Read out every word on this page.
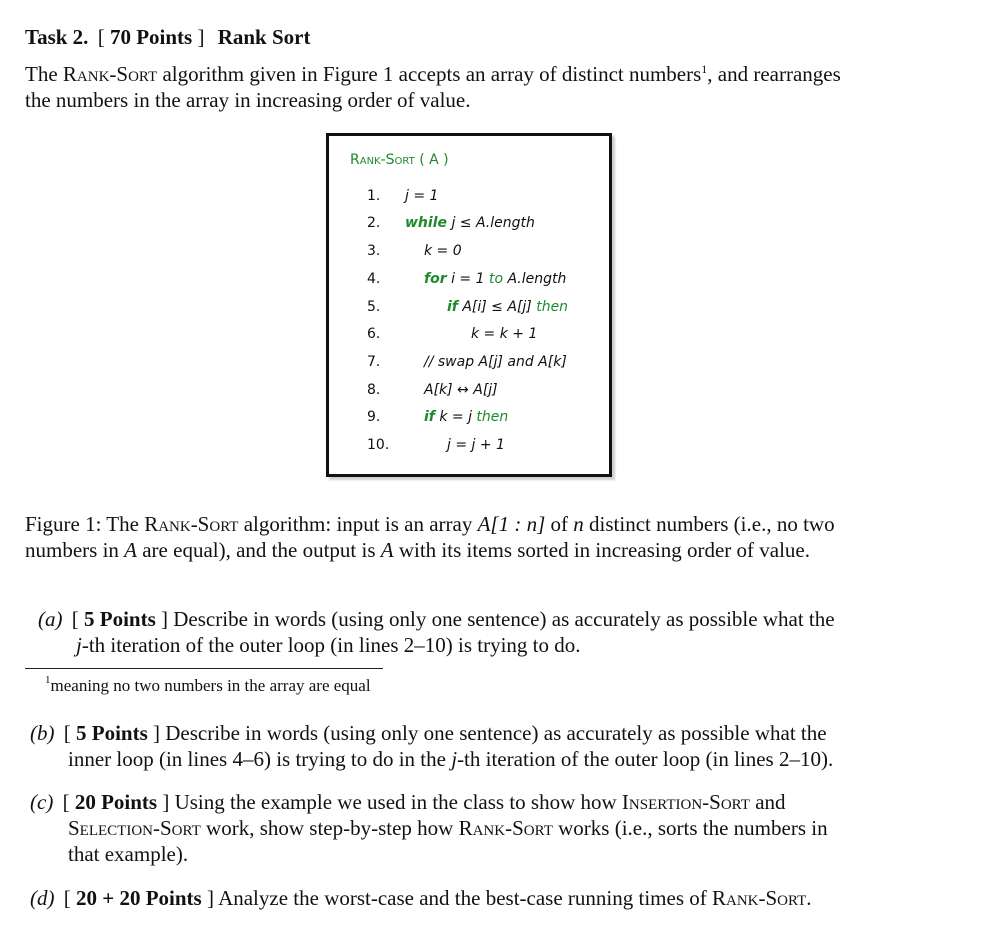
Task 2. [ 70 Points ] Rank Sort
The Rank-Sort algorithm given in Figure 1 accepts an array of distinct numbers$^1$, and rearranges
the numbers in the array in increasing order of value.
Rank-Sort ( A )
1.	j = 1
2.	while j ≤ A.length
3.	k = 0
4.	for i = 1 to A.length
5.	if A[i] ≤ A[j] then
6.	k = k + 1
7.	// swap A[j] and A[k]
8.	A[k] ↔ A[j]
9.	if k = j then
10.	j = j + 1
Figure 1: The Rank-Sort algorithm: input is an array A[1 : n] of n distinct numbers (i.e., no two
numbers in A are equal), and the output is A with its items sorted in increasing order of value.
(a) [ 5 Points ] Describe in words (using only one sentence) as accurately as possible what the
j-th iteration of the outer loop (in lines 2–10) is trying to do.
$^1$meaning no two numbers in the array are equal
(b) [ 5 Points ] Describe in words (using only one sentence) as accurately as possible what the
inner loop (in lines 4–6) is trying to do in the j-th iteration of the outer loop (in lines 2–10).
(c) [ 20 Points ] Using the example we used in the class to show how Insertion-Sort and
Selection-Sort work, show step-by-step how Rank-Sort works (i.e., sorts the numbers in
that example).
(d) [ 20 + 20 Points ] Analyze the worst-case and the best-case running times of Rank-Sort.
